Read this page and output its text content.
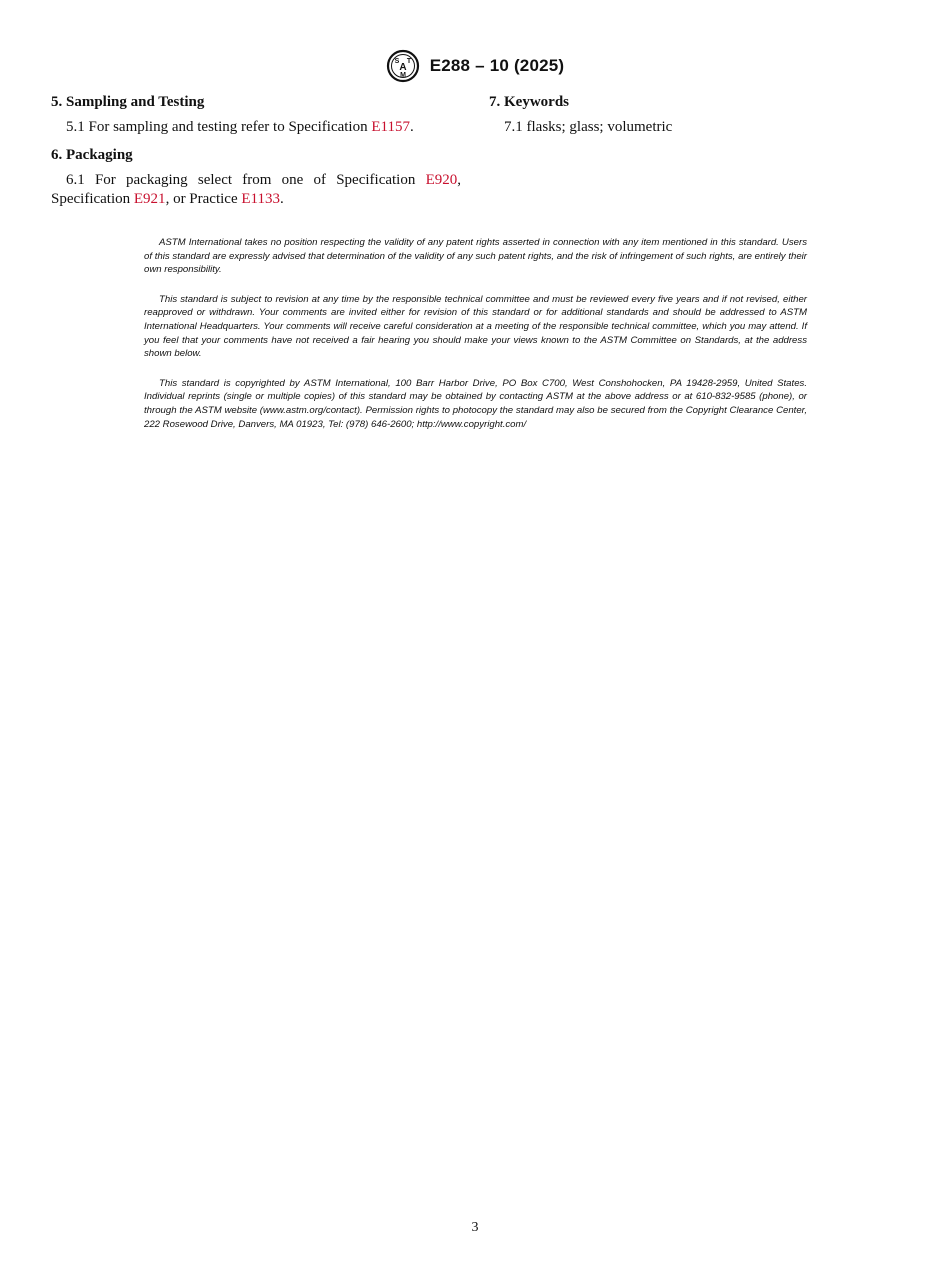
A
S T
M
E288 – 10 (2025)

5. Sampling and Testing

5.1 For sampling and testing refer to Specification E1157.

6. Packaging

6.1 For packaging select from one of Specification E920, Specification E921, or Practice E1133.

7. Keywords

7.1 flasks; glass; volumetric

ASTM International takes no position respecting the validity of any patent rights asserted in connection with any item mentioned in this standard. Users of this standard are expressly advised that determination of the validity of any such patent rights, and the risk of infringement of such rights, are entirely their own responsibility.

This standard is subject to revision at any time by the responsible technical committee and must be reviewed every five years and if not revised, either reapproved or withdrawn. Your comments are invited either for revision of this standard or for additional standards and should be addressed to ASTM International Headquarters. Your comments will receive careful consideration at a meeting of the responsible technical committee, which you may attend. If you feel that your comments have not received a fair hearing you should make your views known to the ASTM Committee on Standards, at the address shown below.

This standard is copyrighted by ASTM International, 100 Barr Harbor Drive, PO Box C700, West Conshohocken, PA 19428-2959, United States. Individual reprints (single or multiple copies) of this standard may be obtained by contacting ASTM at the above address or at 610-832-9585 (phone), or through the ASTM website (www.astm.org/contact). Permission rights to photocopy the standard may also be secured from the Copyright Clearance Center, 222 Rosewood Drive, Danvers, MA 01923, Tel: (978) 646-2600; http://www.copyright.com/

3
